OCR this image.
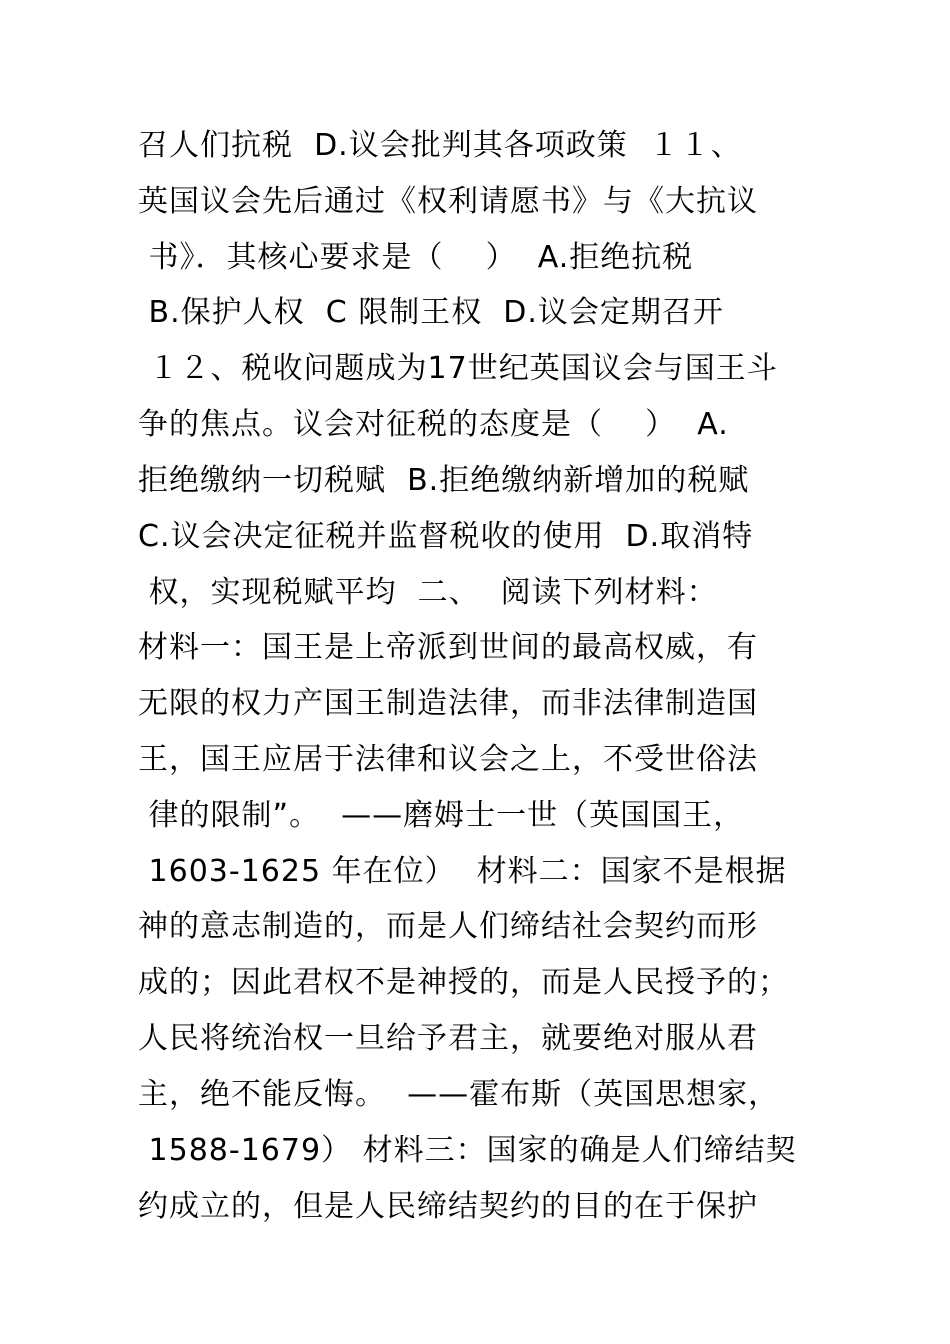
召人们抗税  D.议会批判其各项政策  １１、
英国议会先后通过《权利请愿书》与《大抗议
书》．其核心要求是（    ）  A.拒绝抗税
B.保护人权  C 限制王权  D.议会定期召开
１２、税收问题成为17世纪英国议会与国王斗
争的焦点。议会对征税的态度是（    ）  A.
拒绝缴纳一切税赋  B.拒绝缴纳新增加的税赋
C.议会决定征税并监督税收的使用  D.取消特
权，实现税赋平均  二、  阅读下列材料：
材料一：国王是上帝派到世间的最高权威，有
无限的权力产国王制造法律，而非法律制造国
王，国王应居于法律和议会之上，不受世俗法
律的限制”。  ——磨姆士一世（英国国王，
1603-1625 年在位）  材料二：国家不是根据
神的意志制造的，而是人们缔结社会契约而形
成的；因此君权不是神授的，而是人民授予的；
人民将统治权一旦给予君主，就要绝对服从君
主，绝不能反悔。  ——霍布斯（英国思想家，
1588-1679） 材料三：国家的确是人们缔结契
约成立的，但是人民缔结契约的目的在于保护
